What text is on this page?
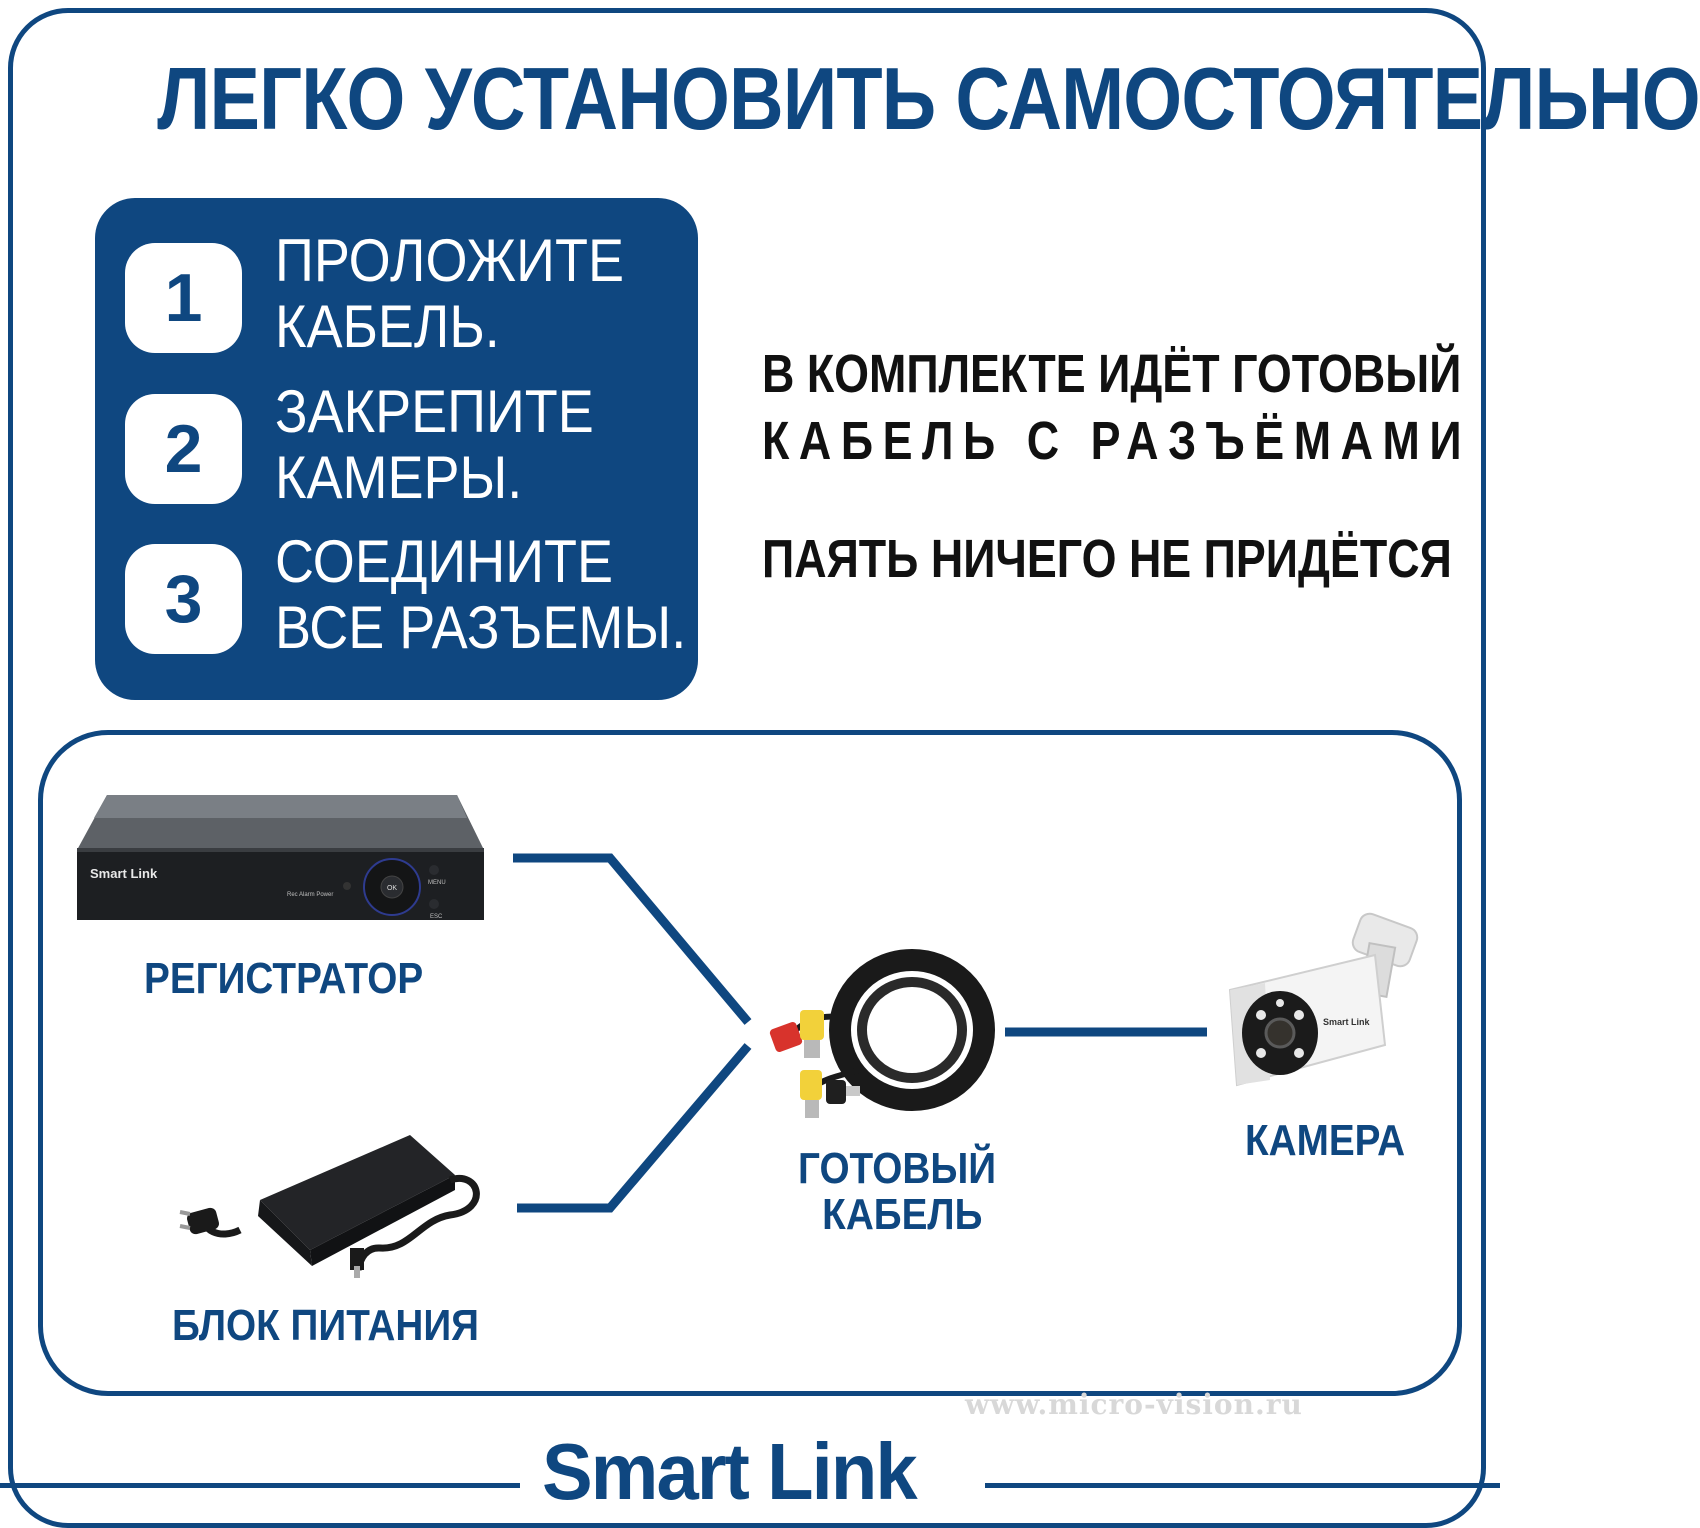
ЛЕГКО УСТАНОВИТЬ САМОСТОЯТЕЛЬНО
1	ПРОЛОЖИТЕ
КАБЕЛЬ.
2	ЗАКРЕПИТЕ
КАМЕРЫ.
3	СОЕДИНИТЕ
ВСЕ РАЗЪЕМЫ.
В КОМПЛЕКТЕ ИДЁТ ГОТОВЫЙ
КАБЕЛЬ С РАЗЪЁМАМИ
ПАЯТЬ НИЧЕГО НЕ ПРИДЁТСЯ
Smart Link
Rec Alarm Power
OK
MENU
ESC
РЕГИСТРАТОР
БЛОК ПИТАНИЯ
ГОТОВЫЙ
КАБЕЛЬ
Smart Link
КАМЕРА
www.micro-vision.ru
Smart Link
